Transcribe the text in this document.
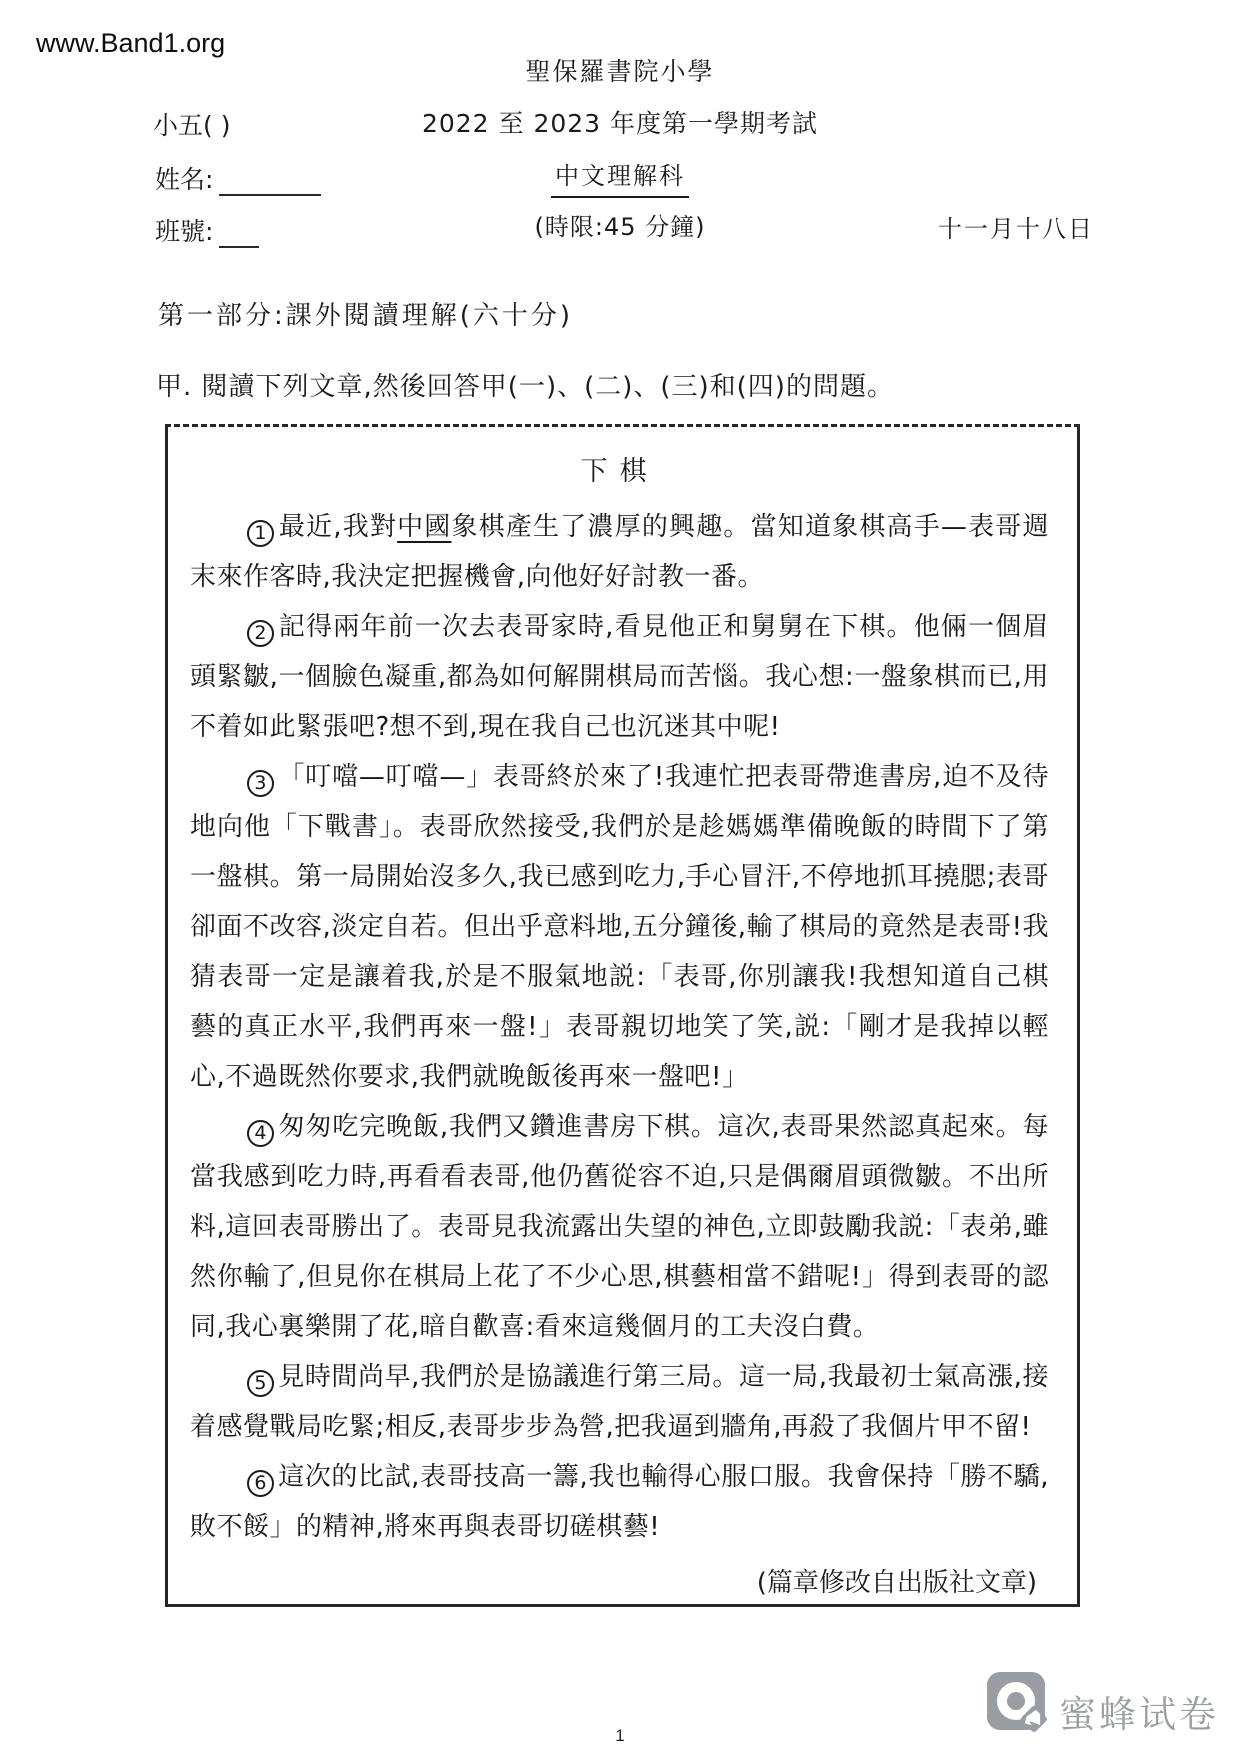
www.Band1.org
聖保羅書院小學
小五( )	2022 至 2023 年度第一學期考試
姓名:	中文理解科
班號:	(時限:45 分鐘)	十一月十八日
第一部分:課外閱讀理解(六十分)
甲. 閱讀下列文章,然後回答甲(一)、(二)、(三)和(四)的問題。
下棋

1 最近,我對中國象棋產生了濃厚的興趣。當知道象棋高手—表哥週末來作客時,我決定把握機會,向他好好討教一番。

2 記得兩年前一次去表哥家時,看見他正和舅舅在下棋。他倆一個眉頭緊皺,一個臉色凝重,都為如何解開棋局而苦惱。我心想:一盤象棋而已,用不着如此緊張吧?想不到,現在我自己也沉迷其中呢!

3 「叮噹—叮噹—」表哥終於來了!我連忙把表哥帶進書房,迫不及待地向他「下戰書」。表哥欣然接受,我們於是趁媽媽準備晚飯的時間下了第一盤棋。第一局開始沒多久,我已感到吃力,手心冒汗,不停地抓耳撓腮;表哥卻面不改容,淡定自若。但出乎意料地,五分鐘後,輸了棋局的竟然是表哥!我猜表哥一定是讓着我,於是不服氣地説:「表哥,你別讓我!我想知道自己棋藝的真正水平,我們再來一盤!」表哥親切地笑了笑,説:「剛才是我掉以輕心,不過既然你要求,我們就晚飯後再來一盤吧!」

4 匆匆吃完晚飯,我們又鑽進書房下棋。這次,表哥果然認真起來。每當我感到吃力時,再看看表哥,他仍舊從容不迫,只是偶爾眉頭微皺。不出所料,這回表哥勝出了。表哥見我流露出失望的神色,立即鼓勵我説:「表弟,雖然你輸了,但見你在棋局上花了不少心思,棋藝相當不錯呢!」得到表哥的認同,我心裏樂開了花,暗自歡喜:看來這幾個月的工夫沒白費。

5 見時間尚早,我們於是協議進行第三局。這一局,我最初士氣高漲,接着感覺戰局吃緊;相反,表哥步步為營,把我逼到牆角,再殺了我個片甲不留!

6 這次的比試,表哥技高一籌,我也輸得心服口服。我會保持「勝不驕,敗不餒」的精神,將來再與表哥切磋棋藝!

(篇章修改自出版社文章)
蜜蜂试卷
1
